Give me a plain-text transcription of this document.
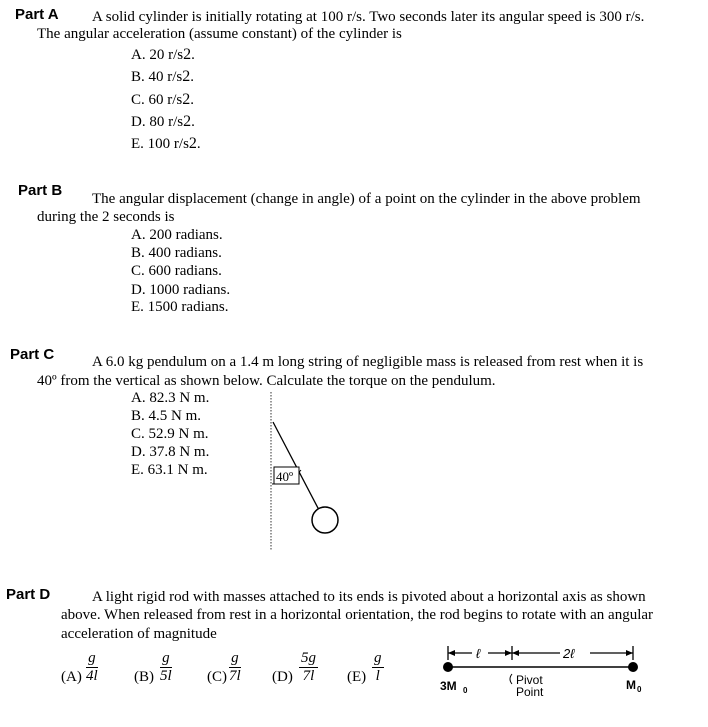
Part A A solid cylinder is initially rotating at 100 r/s. Two seconds later its angular speed is 300 r/s.
The angular acceleration (assume constant) of the cylinder is
A. 20 r/s2.
B. 40 r/s2.
C. 60 r/s2.
D. 80 r/s2.
E. 100 r/s2.
Part B The angular displacement (change in angle) of a point on the cylinder in the above problem
during the 2 seconds is
A. 200 radians.
B. 400 radians.
C. 600 radians.
D. 1000 radians.
E. 1500 radians.
Part C	A 6.0 kg pendulum on a 1.4 m long string of negligible mass is released from rest when it is
40º from the vertical as shown below. Calculate the torque on the pendulum.
A. 82.3 N m.
B. 4.5 N m.
C. 52.9 N m.
D. 37.8 N m.
E. 63.1 N m.	40º
Part D	A light rigid rod with masses attached to its ends is pivoted about a horizontal axis as shown
above. When released from rest in a horizontal orientation, the rod begins to rotate with an angular
acceleration of magnitude
$(A) \frac{g}{4l} (B) \frac{g}{5l} (C) \frac{g}{7l} (D) \frac{5g}{7l} (E) \frac{g}{l}$	ℓ	2ℓ
Pivot
Point
3M 0	M 0
